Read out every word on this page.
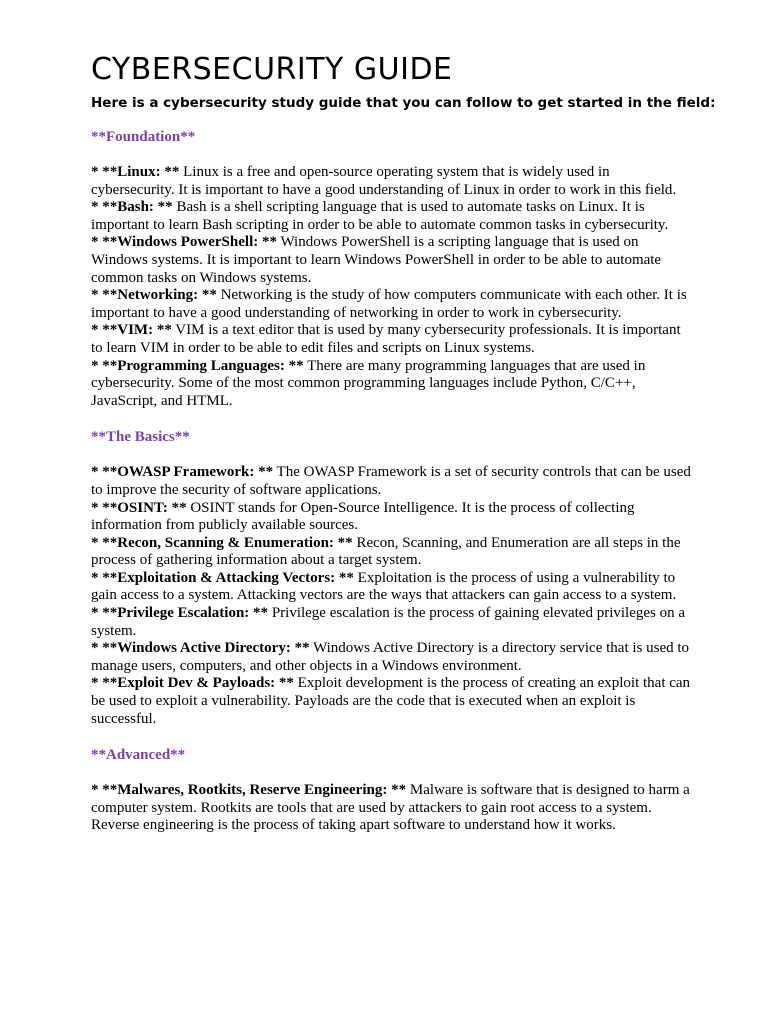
CYBERSECURITY GUIDE

Here is a cybersecurity study guide that you can follow to get started in the field:

**Foundation**
* **Linux: ** Linux is a free and open-source operating system that is widely used in cybersecurity. It is important to have a good understanding of Linux in order to work in this field.
* **Bash: ** Bash is a shell scripting language that is used to automate tasks on Linux. It is important to learn Bash scripting in order to be able to automate common tasks in cybersecurity.
* **Windows PowerShell: ** Windows PowerShell is a scripting language that is used on Windows systems. It is important to learn Windows PowerShell in order to be able to automate common tasks on Windows systems.
* **Networking: ** Networking is the study of how computers communicate with each other. It is important to have a good understanding of networking in order to work in cybersecurity.
* **VIM: ** VIM is a text editor that is used by many cybersecurity professionals. It is important to learn VIM in order to be able to edit files and scripts on Linux systems.
* **Programming Languages: ** There are many programming languages that are used in cybersecurity. Some of the most common programming languages include Python, C/C++, JavaScript, and HTML.
**The Basics**
* **OWASP Framework: ** The OWASP Framework is a set of security controls that can be used to improve the security of software applications.
* **OSINT: ** OSINT stands for Open-Source Intelligence. It is the process of collecting information from publicly available sources.
* **Recon, Scanning & Enumeration: ** Recon, Scanning, and Enumeration are all steps in the process of gathering information about a target system.
* **Exploitation & Attacking Vectors: ** Exploitation is the process of using a vulnerability to gain access to a system. Attacking vectors are the ways that attackers can gain access to a system.
* **Privilege Escalation: ** Privilege escalation is the process of gaining elevated privileges on a system.
* **Windows Active Directory: ** Windows Active Directory is a directory service that is used to manage users, computers, and other objects in a Windows environment.
* **Exploit Dev & Payloads: ** Exploit development is the process of creating an exploit that can be used to exploit a vulnerability. Payloads are the code that is executed when an exploit is successful.
**Advanced**
* **Malwares, Rootkits, Reserve Engineering: ** Malware is software that is designed to harm a computer system. Rootkits are tools that are used by attackers to gain root access to a system. Reverse engineering is the process of taking apart software to understand how it works.
